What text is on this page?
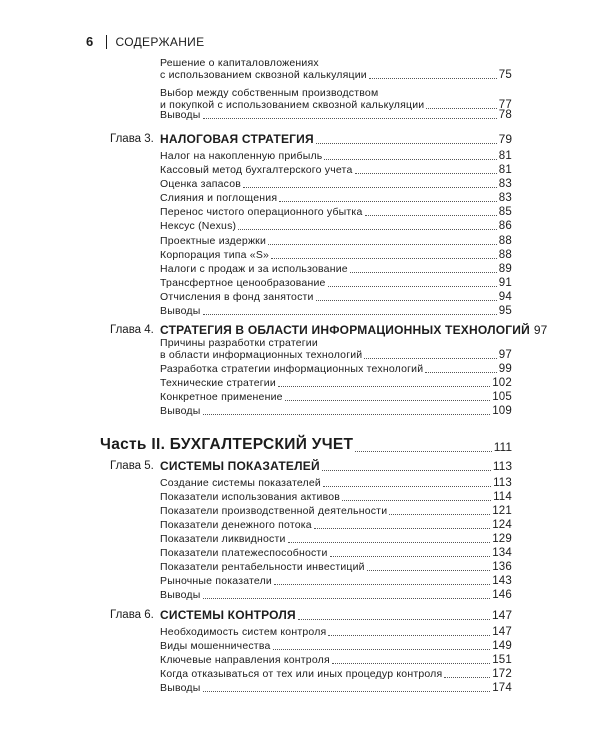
6 СОДЕРЖАНИЕ
Решение о капиталовложениях
с использованием сквозной калькуляции	75
Выбор между собственным производством
и покупкой с использованием сквозной калькуляции	77
Выводы	78
Глава 3. НАЛОГОВАЯ СТРАТЕГИЯ	79
Налог на накопленную прибыль	81
Кассовый метод бухгалтерского учета	81
Оценка запасов	83
Слияния и поглощения	83
Перенос чистого операционного убытка	85
Нексус (Nexus)	86
Проектные издержки	88
Корпорация типа «S»	88
Налоги с продаж и за использование	89
Трансфертное ценообразование	91
Отчисления в фонд занятости	94
Выводы	95
Глава 4. СТРАТЕГИЯ В ОБЛАСТИ ИНФОРМАЦИОННЫХ ТЕХНОЛОГИЙ 97
Причины разработки стратегии
в области информационных технологий	97
Разработка стратегии информационных технологий	99
Технические стратегии	102
Конкретное применение	105
Выводы	109
Часть II. БУХГАЛТЕРСКИЙ УЧЕТ	111
Глава 5. СИСТЕМЫ ПОКАЗАТЕЛЕЙ	113
Создание системы показателей	113
Показатели использования активов	114
Показатели производственной деятельности	121
Показатели денежного потока	124
Показатели ликвидности	129
Показатели платежеспособности	134
Показатели рентабельности инвестиций	136
Рыночные показатели	143
Выводы	146
Глава 6. СИСТЕМЫ КОНТРОЛЯ	147
Необходимость систем контроля	147
Виды мошенничества	149
Ключевые направления контроля	151
Когда отказываться от тех или иных процедур контроля	172
Выводы	174
